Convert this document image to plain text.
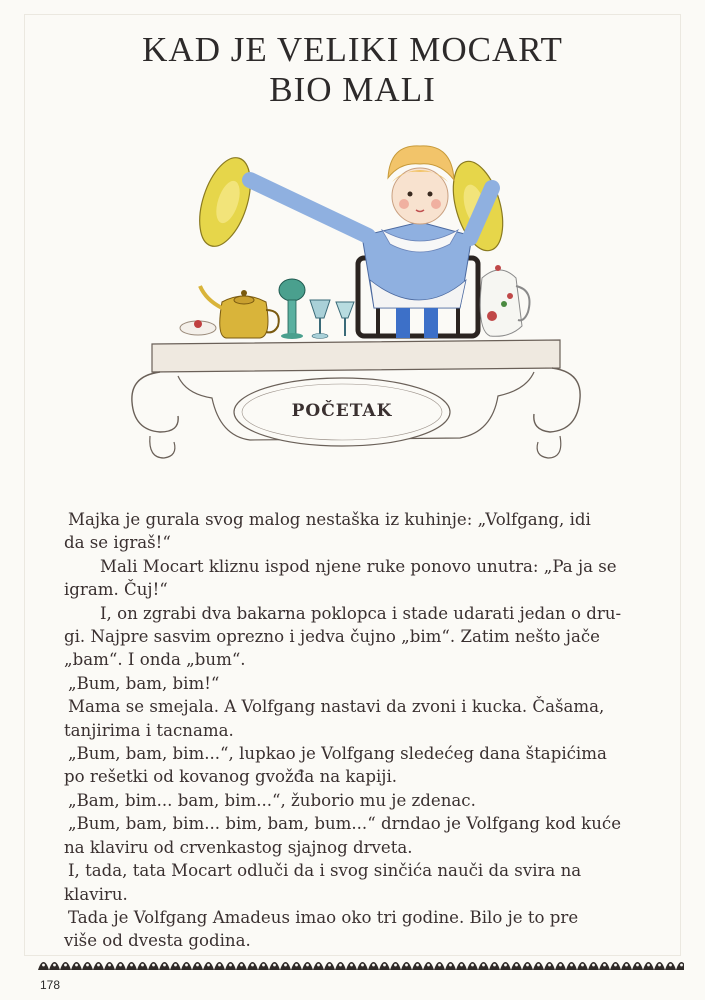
KAD JE VELIKI MOCART
BIO MALI
POČETAK

Majka je gurala svog malog nestaška iz kuhinje: „Volfgang, idi

da se igraš!“

Mali Mocart kliznu ispod njene ruke ponovo unutra: „Pa ja se

igram. Čuj!“

I, on zgrabi dva bakarna poklopca i stade udarati jedan o dru-

gi. Najpre sasvim oprezno i jedva čujno „bim“. Zatim nešto jače

„bam“. I onda „bum“.

„Bum, bam, bim!“

Mama se smejala. A Volfgang nastavi da zvoni i kucka. Čašama,

tanjirima i tacnama.

„Bum, bam, bim...“, lupkao je Volfgang sledećeg dana štapićima

po rešetki od kovanog gvožđa na kapiji.

„Bam, bim... bam, bim...“, žuborio mu je zdenac.

„Bum, bam, bim... bim, bam, bum...“ drndao je Volfgang kod kuće

na klaviru od crvenkastog sjajnog drveta.

I, tada, tata Mocart odluči da i svog sinčića nauči da svira na

klaviru.

Tada je Volfgang Amadeus imao oko tri godine. Bilo je to pre

više od dvesta godina.

178
